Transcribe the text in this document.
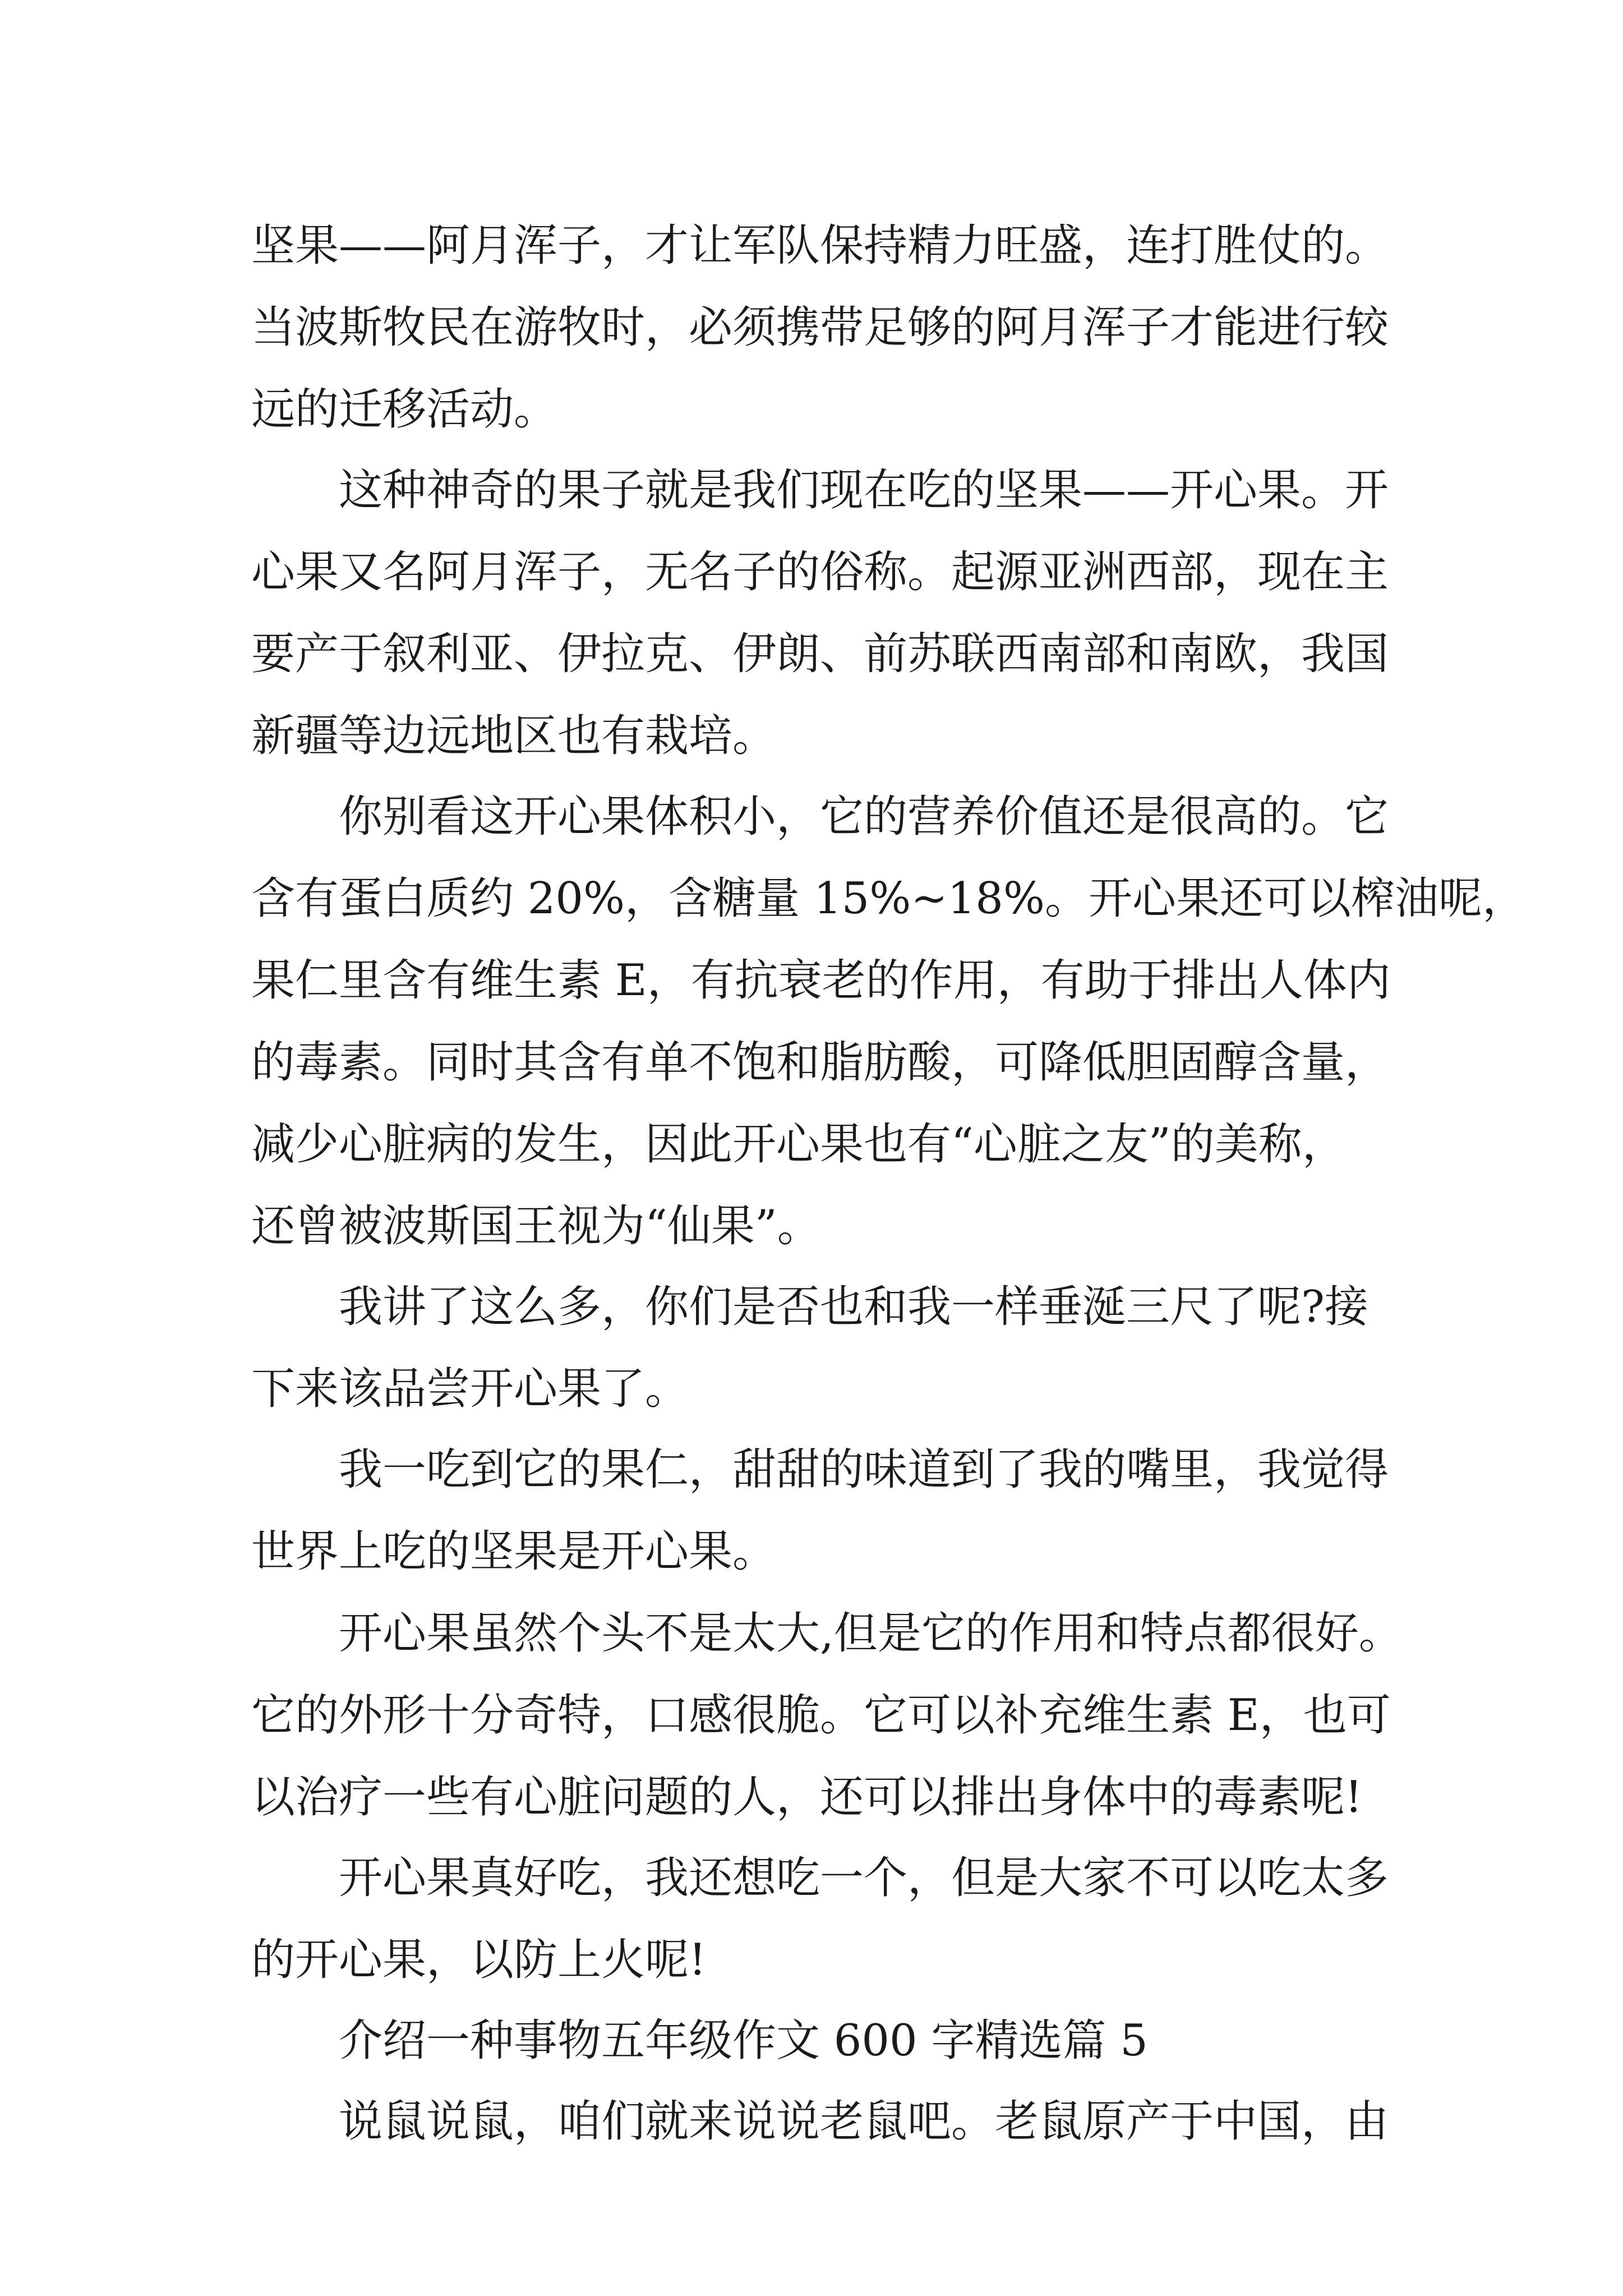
坚果——阿月浑子，才让军队保持精力旺盛，连打胜仗的。
当波斯牧民在游牧时，必须携带足够的阿月浑子才能进行较
远的迁移活动。
这种神奇的果子就是我们现在吃的坚果——开心果。开
心果又名阿月浑子，无名子的俗称。起源亚洲西部，现在主
要产于叙利亚、伊拉克、伊朗、前苏联西南部和南欧，我国
新疆等边远地区也有栽培。
你别看这开心果体积小，它的营养价值还是很高的。它
含有蛋白质约 20%，含糖量 15%~18%。开心果还可以榨油呢，
果仁里含有维生素 E，有抗衰老的作用，有助于排出人体内
的毒素。同时其含有单不饱和脂肪酸，可降低胆固醇含量，
减少心脏病的发生，因此开心果也有“心脏之友”的美称，
还曾被波斯国王视为“仙果”。
我讲了这么多，你们是否也和我一样垂涎三尺了呢?接
下来该品尝开心果了。
我一吃到它的果仁，甜甜的味道到了我的嘴里，我觉得
世界上吃的坚果是开心果。
开心果虽然个头不是太大,但是它的作用和特点都很好。
它的外形十分奇特，口感很脆。它可以补充维生素 E，也可
以治疗一些有心脏问题的人，还可以排出身体中的毒素呢!
开心果真好吃，我还想吃一个，但是大家不可以吃太多
的开心果，以防上火呢!
介绍一种事物五年级作文 600 字精选篇 5
说鼠说鼠，咱们就来说说老鼠吧。老鼠原产于中国，由
